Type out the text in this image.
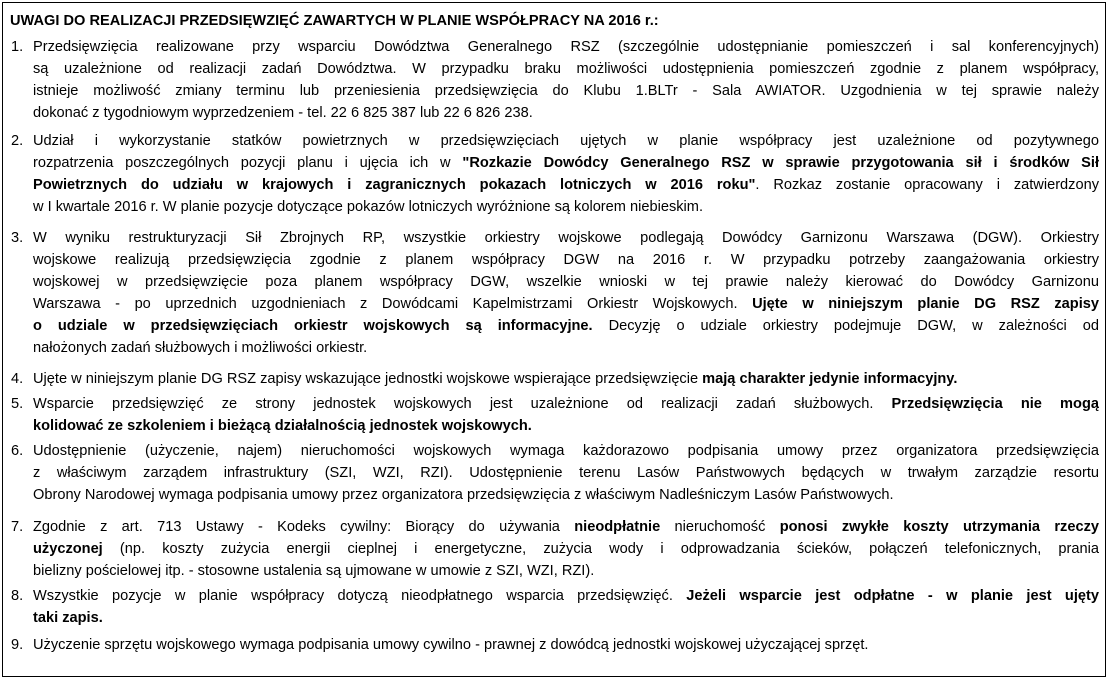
UWAGI DO REALIZACJI PRZEDSIĘWZIĘĆ ZAWARTYCH W PLANIE WSPÓŁPRACY NA 2016 r.:
1. Przedsięwzięcia realizowane przy wsparciu Dowództwa Generalnego RSZ (szczególnie udostępnianie pomieszczeń i sal konferencyjnych)
są uzależnione od realizacji zadań Dowództwa. W przypadku braku możliwości udostępnienia pomieszczeń zgodnie z planem współpracy,
istnieje możliwość zmiany terminu lub przeniesienia przedsięwzięcia do Klubu 1.BLTr - Sala AWIATOR. Uzgodnienia w tej sprawie należy
dokonać z tygodniowym wyprzedzeniem - tel. 22 6 825 387 lub 22 6 826 238.
2. Udział i wykorzystanie statków powietrznych w przedsięwzięciach ujętych w planie współpracy jest uzależnione od pozytywnego
rozpatrzenia poszczególnych pozycji planu i ujęcia ich w "Rozkazie Dowódcy Generalnego RSZ w sprawie przygotowania sił i środków Sił
Powietrznych do udziału w krajowych i zagranicznych pokazach lotniczych w 2016 roku". Rozkaz zostanie opracowany i zatwierdzony
w I kwartale 2016 r. W planie pozycje dotyczące pokazów lotniczych wyróżnione są kolorem niebieskim.
3. W wyniku restrukturyzacji Sił Zbrojnych RP, wszystkie orkiestry wojskowe podlegają Dowódcy Garnizonu Warszawa (DGW). Orkiestry
wojskowe realizują przedsięwzięcia zgodnie z planem współpracy DGW na 2016 r. W przypadku potrzeby zaangażowania orkiestry
wojskowej w przedsięwzięcie poza planem współpracy DGW, wszelkie wnioski w tej prawie należy kierować do Dowódcy Garnizonu
Warszawa - po uprzednich uzgodnieniach z Dowódcami Kapelmistrzami Orkiestr Wojskowych. Ujęte w niniejszym planie DG RSZ zapisy
o udziale w przedsięwzięciach orkiestr wojskowych są informacyjne. Decyzję o udziale orkiestry podejmuje DGW, w zależności od
nałożonych zadań służbowych i możliwości orkiestr.
4. Ujęte w niniejszym planie DG RSZ zapisy wskazujące jednostki wojskowe wspierające przedsięwzięcie mają charakter jedynie informacyjny.
5. Wsparcie przedsięwzięć ze strony jednostek wojskowych jest uzależnione od realizacji zadań służbowych. Przedsięwzięcia nie mogą
kolidować ze szkoleniem i bieżącą działalnością jednostek wojskowych.
6. Udostępnienie (użyczenie, najem) nieruchomości wojskowych wymaga każdorazowo podpisania umowy przez organizatora przedsięwzięcia
z właściwym zarządem infrastruktury (SZI, WZI, RZI). Udostępnienie terenu Lasów Państwowych będących w trwałym zarządzie resortu
Obrony Narodowej wymaga podpisania umowy przez organizatora przedsięwzięcia z właściwym Nadleśniczym Lasów Państwowych.
7. Zgodnie z art. 713 Ustawy - Kodeks cywilny: Biorący do używania nieodpłatnie nieruchomość ponosi zwykłe koszty utrzymania rzeczy
użyczonej (np. koszty zużycia energii cieplnej i energetyczne, zużycia wody i odprowadzania ścieków, połączeń telefonicznych, prania
bielizny pościelowej itp. - stosowne ustalenia są ujmowane w umowie z SZI, WZI, RZI).
8. Wszystkie pozycje w planie współpracy dotyczą nieodpłatnego wsparcia przedsięwzięć. Jeżeli wsparcie jest odpłatne - w planie jest ujęty
taki zapis.
9. Użyczenie sprzętu wojskowego wymaga podpisania umowy cywilno - prawnej z dowódcą jednostki wojskowej użyczającej sprzęt.
